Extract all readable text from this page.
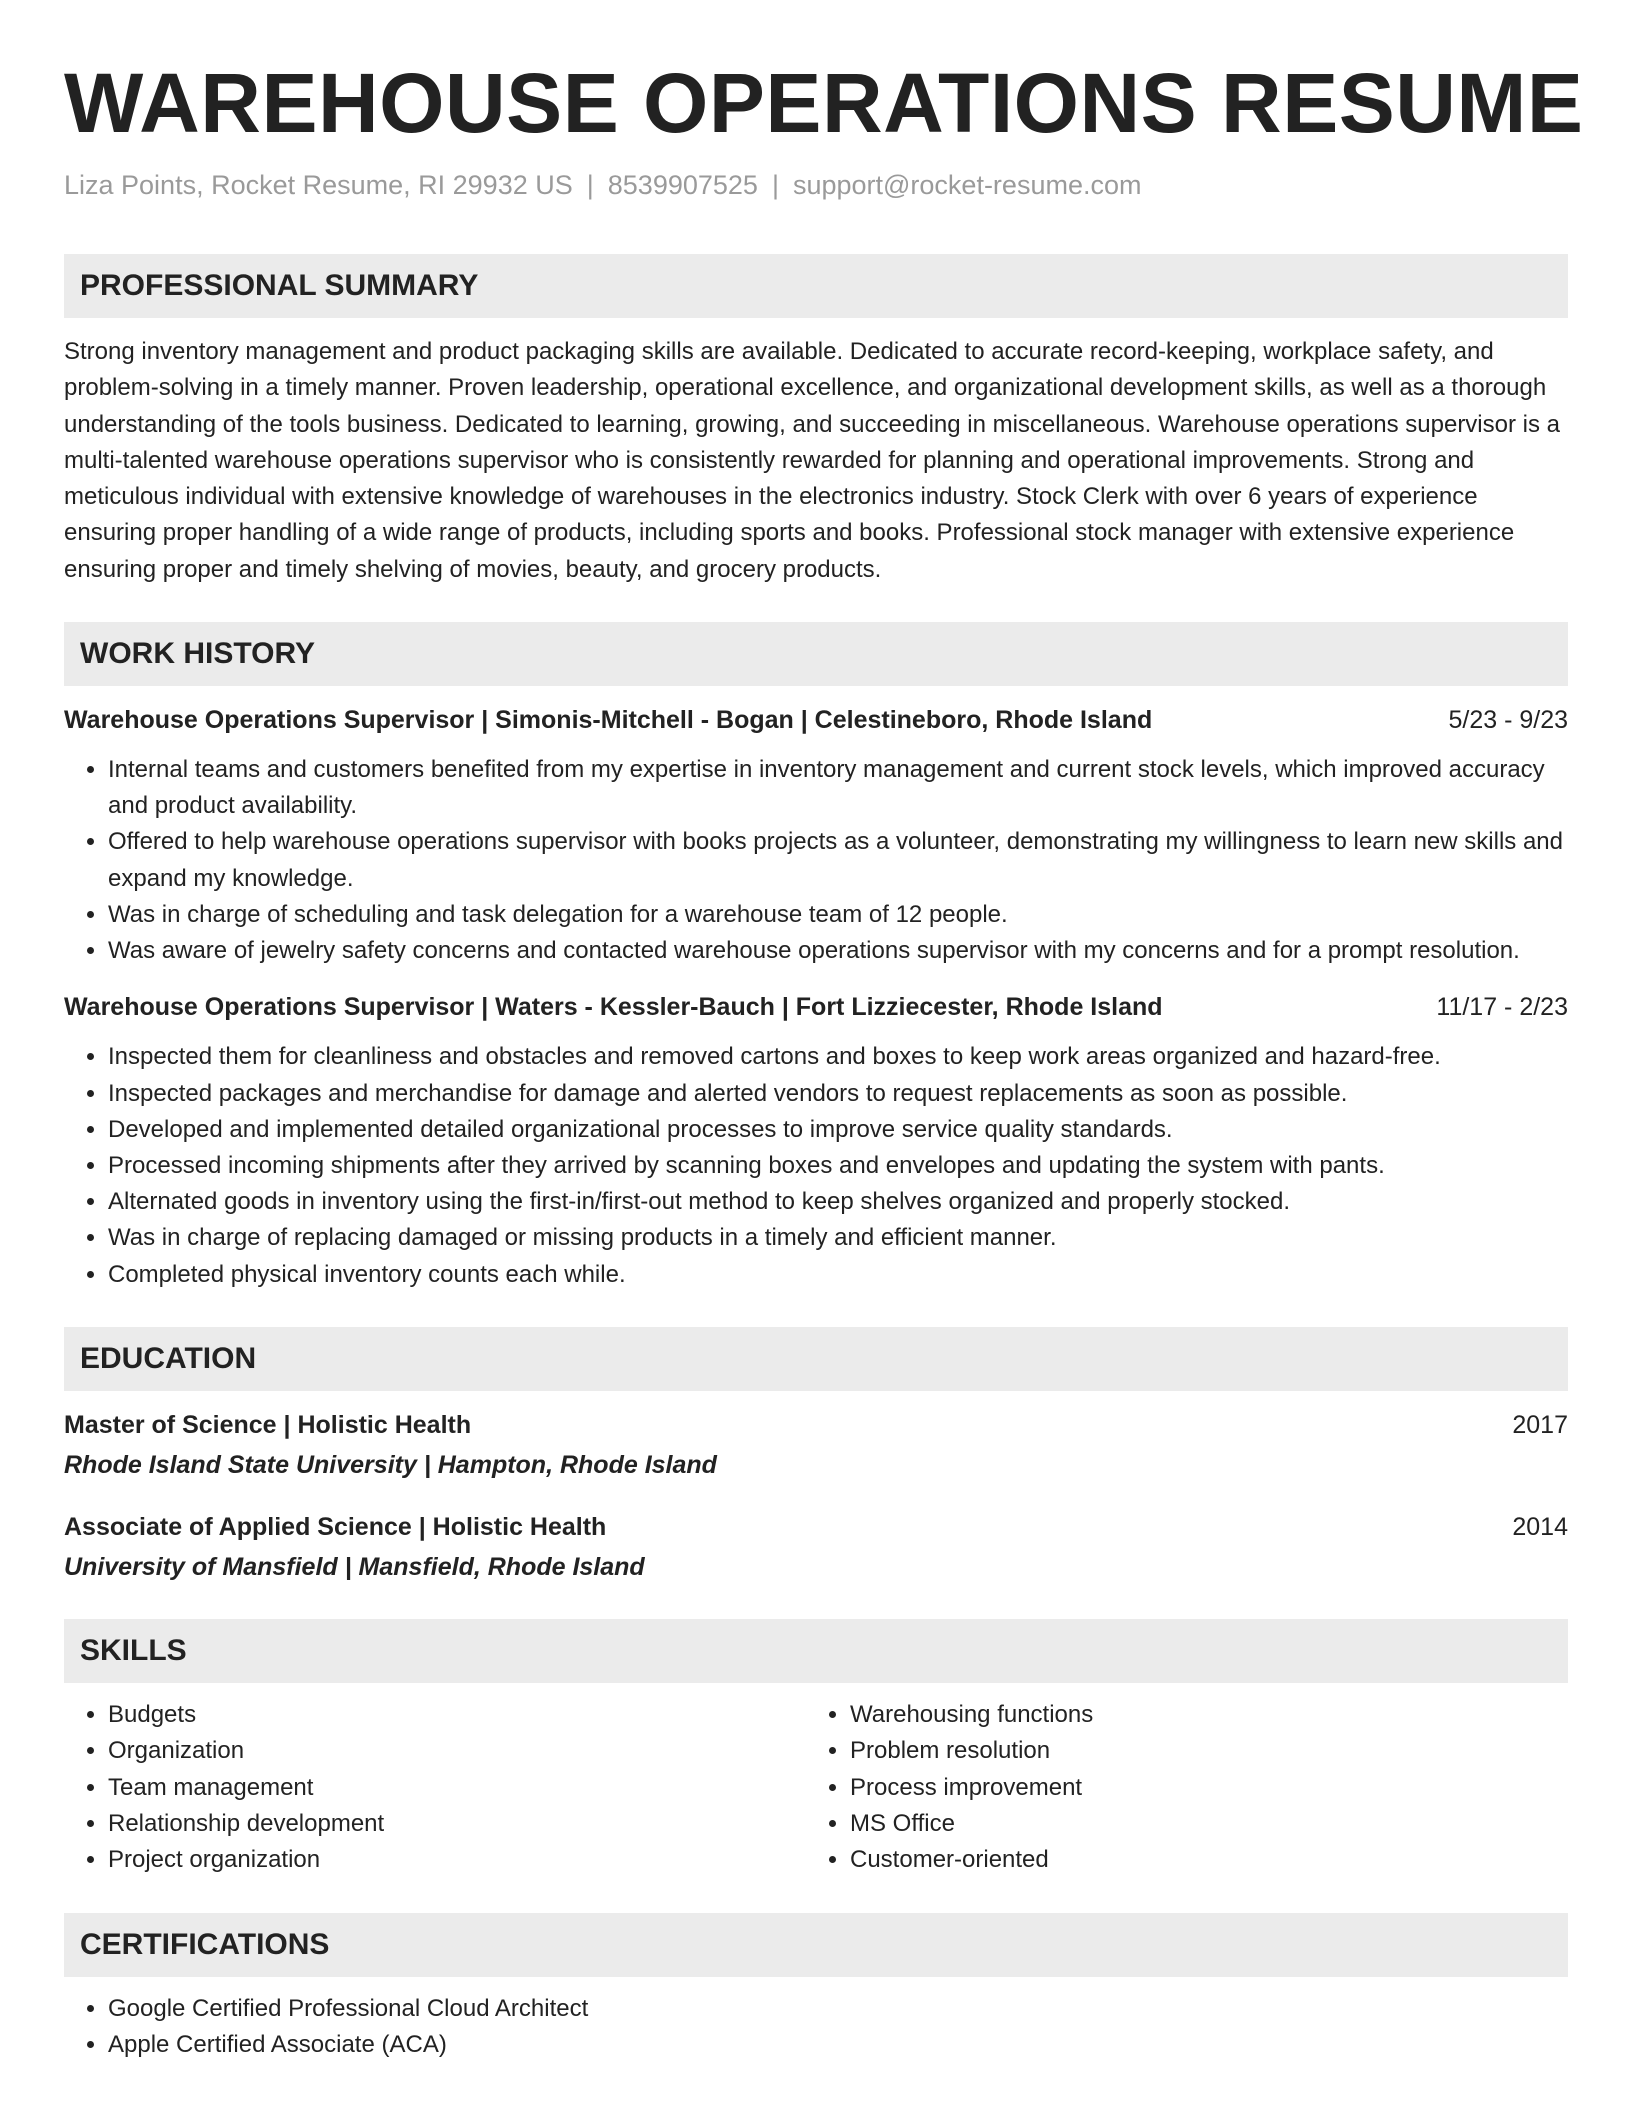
WAREHOUSE OPERATIONS RESUME
Liza Points, Rocket Resume, RI 29932 US | 8539907525 | support@rocket-resume.com
PROFESSIONAL SUMMARY

Strong inventory management and product packaging skills are available. Dedicated to accurate record-keeping, workplace safety, and problem-solving in a timely manner. Proven leadership, operational excellence, and organizational development skills, as well as a thorough understanding of the tools business. Dedicated to learning, growing, and succeeding in miscellaneous. Warehouse operations supervisor is a multi-talented warehouse operations supervisor who is consistently rewarded for planning and operational improvements. Strong and meticulous individual with extensive knowledge of warehouses in the electronics industry. Stock Clerk with over 6 years of experience ensuring proper handling of a wide range of products, including sports and books. Professional stock manager with extensive experience ensuring proper and timely shelving of movies, beauty, and grocery products.

WORK HISTORY
Warehouse Operations Supervisor | Simonis-Mitchell - Bogan | Celestineboro, Rhode Island	5/23 - 9/23
• Internal teams and customers benefited from my expertise in inventory management and current stock levels, which improved accuracy and product availability.
• Offered to help warehouse operations supervisor with books projects as a volunteer, demonstrating my willingness to learn new skills and expand my knowledge.
• Was in charge of scheduling and task delegation for a warehouse team of 12 people.
• Was aware of jewelry safety concerns and contacted warehouse operations supervisor with my concerns and for a prompt resolution.
Warehouse Operations Supervisor | Waters - Kessler-Bauch | Fort Lizziecester, Rhode Island	11/17 - 2/23
• Inspected them for cleanliness and obstacles and removed cartons and boxes to keep work areas organized and hazard-free.
• Inspected packages and merchandise for damage and alerted vendors to request replacements as soon as possible.
• Developed and implemented detailed organizational processes to improve service quality standards.
• Processed incoming shipments after they arrived by scanning boxes and envelopes and updating the system with pants.
• Alternated goods in inventory using the first-in/first-out method to keep shelves organized and properly stocked.
• Was in charge of replacing damaged or missing products in a timely and efficient manner.
• Completed physical inventory counts each while.
EDUCATION
Master of Science | Holistic Health	2017
Rhode Island State University | Hampton, Rhode Island
Associate of Applied Science | Holistic Health	2014
University of Mansfield | Mansfield, Rhode Island
SKILLS
• Budgets
• Organization
• Team management
• Relationship development
• Project organization
• Warehousing functions
• Problem resolution
• Process improvement
• MS Office
• Customer-oriented
CERTIFICATIONS
• Google Certified Professional Cloud Architect
• Apple Certified Associate (ACA)
